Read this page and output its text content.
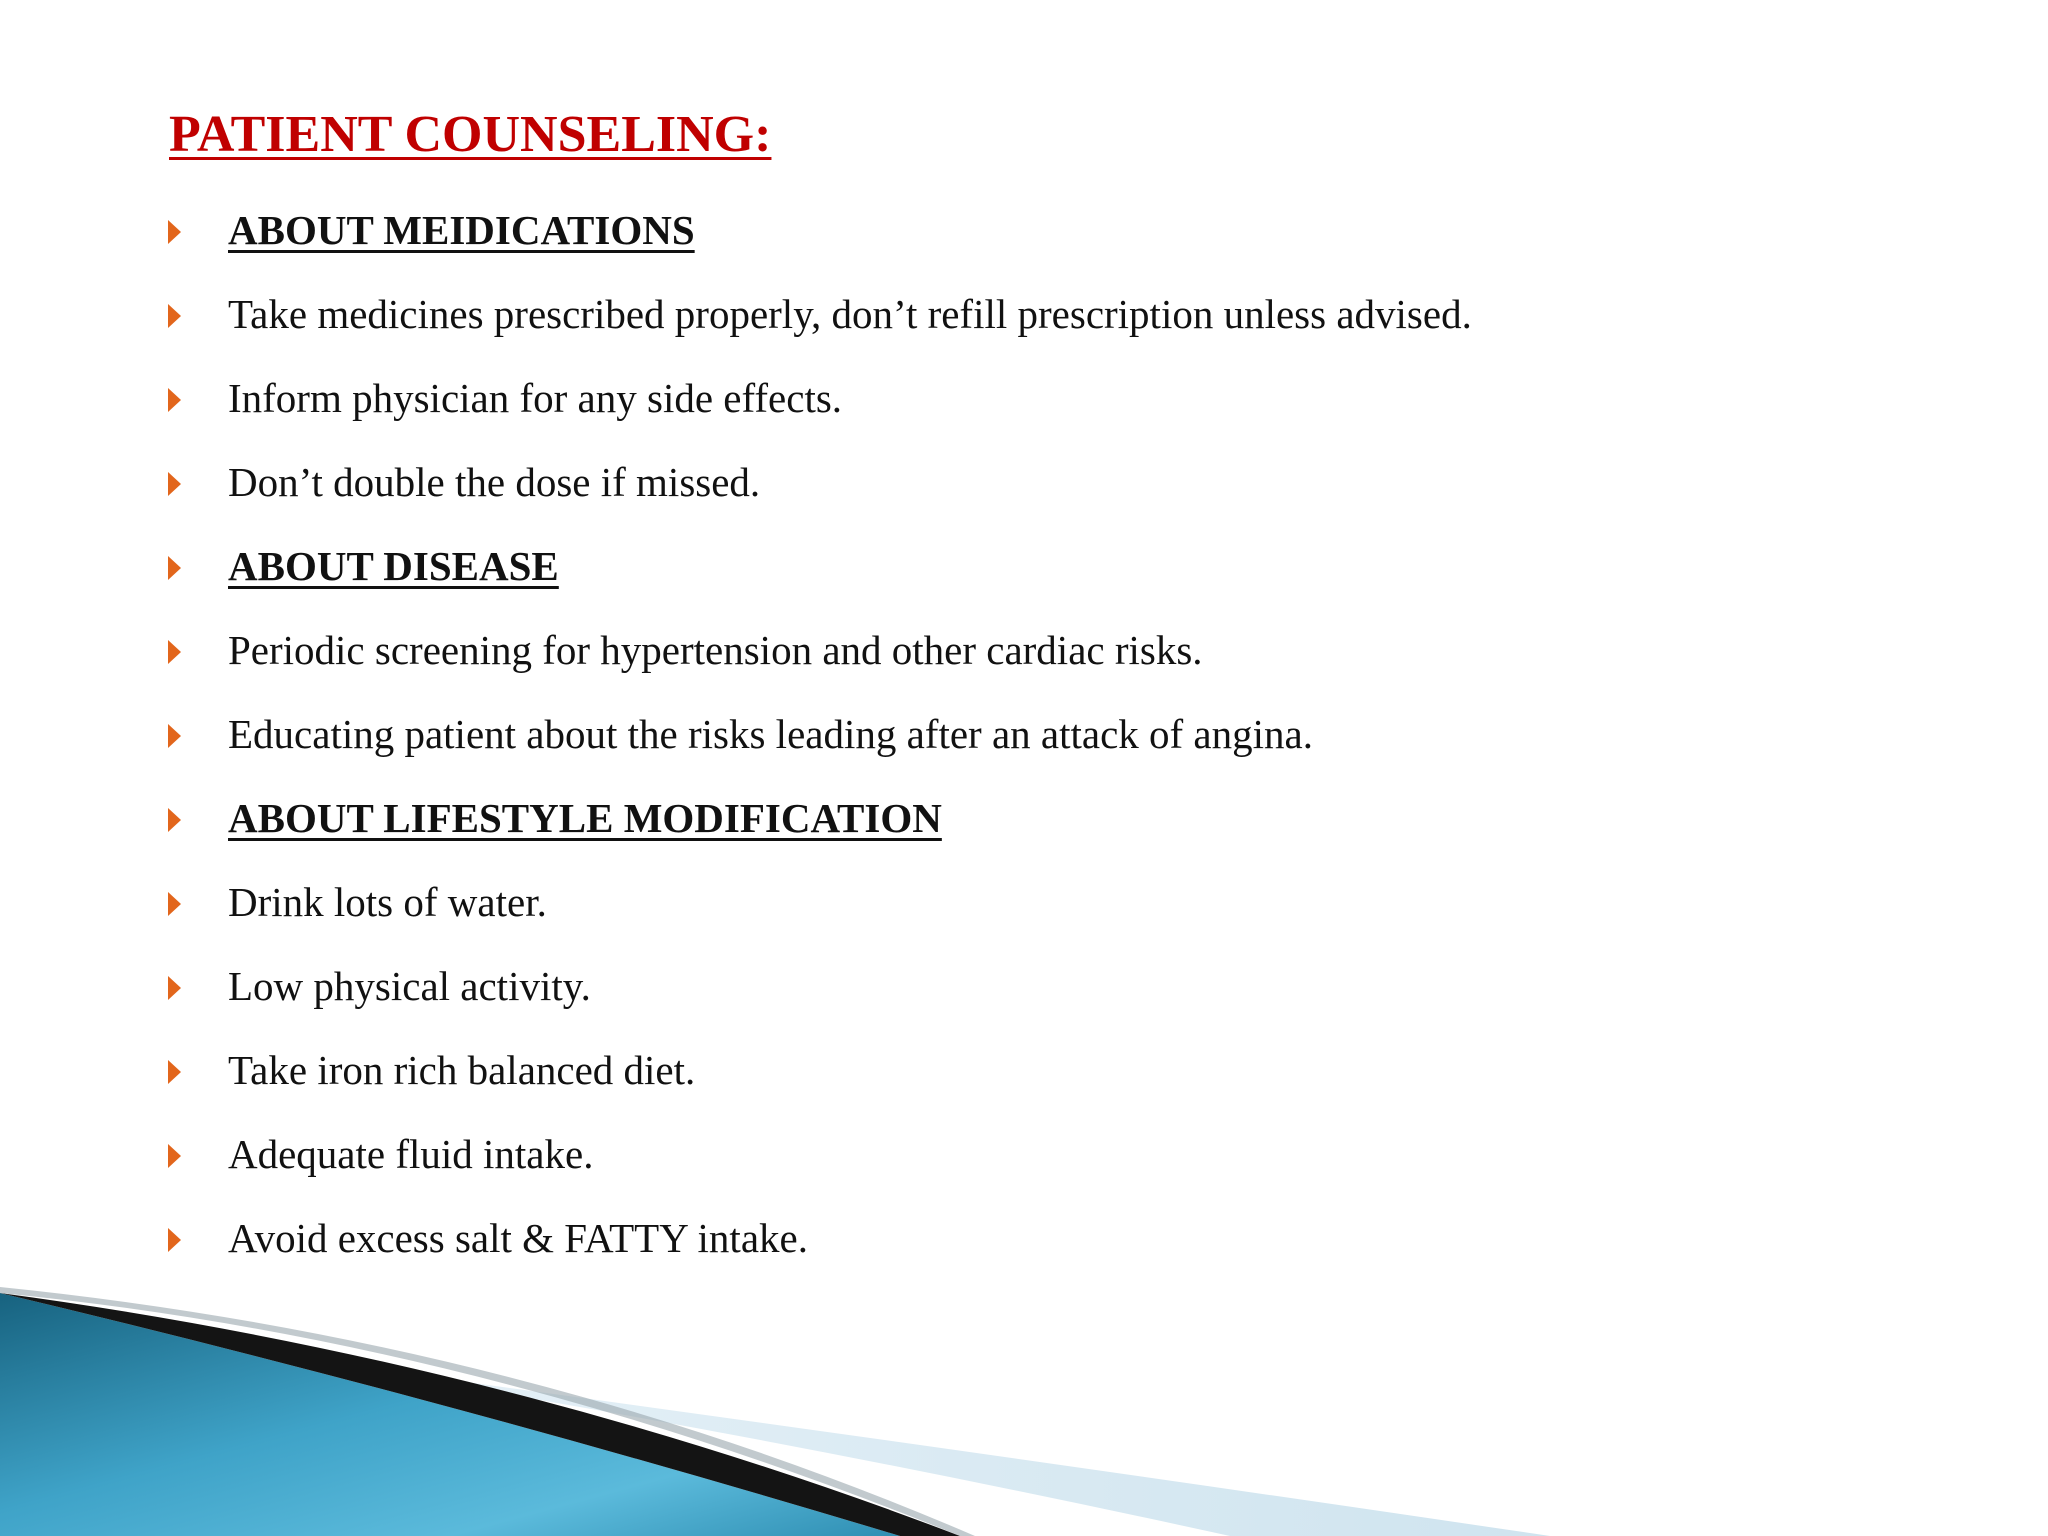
PATIENT COUNSELING:
ABOUT MEIDICATIONS
Take medicines prescribed properly, don’t refill prescription unless advised.
Inform physician for any side effects.
Don’t double the dose if missed.
ABOUT DISEASE
Periodic screening for hypertension and other cardiac risks.
Educating patient about the risks leading after an attack of angina.
ABOUT LIFESTYLE MODIFICATION
Drink lots of water.
Low physical activity.
Take iron rich balanced diet.
Adequate fluid intake.
Avoid excess salt & FATTY intake.
